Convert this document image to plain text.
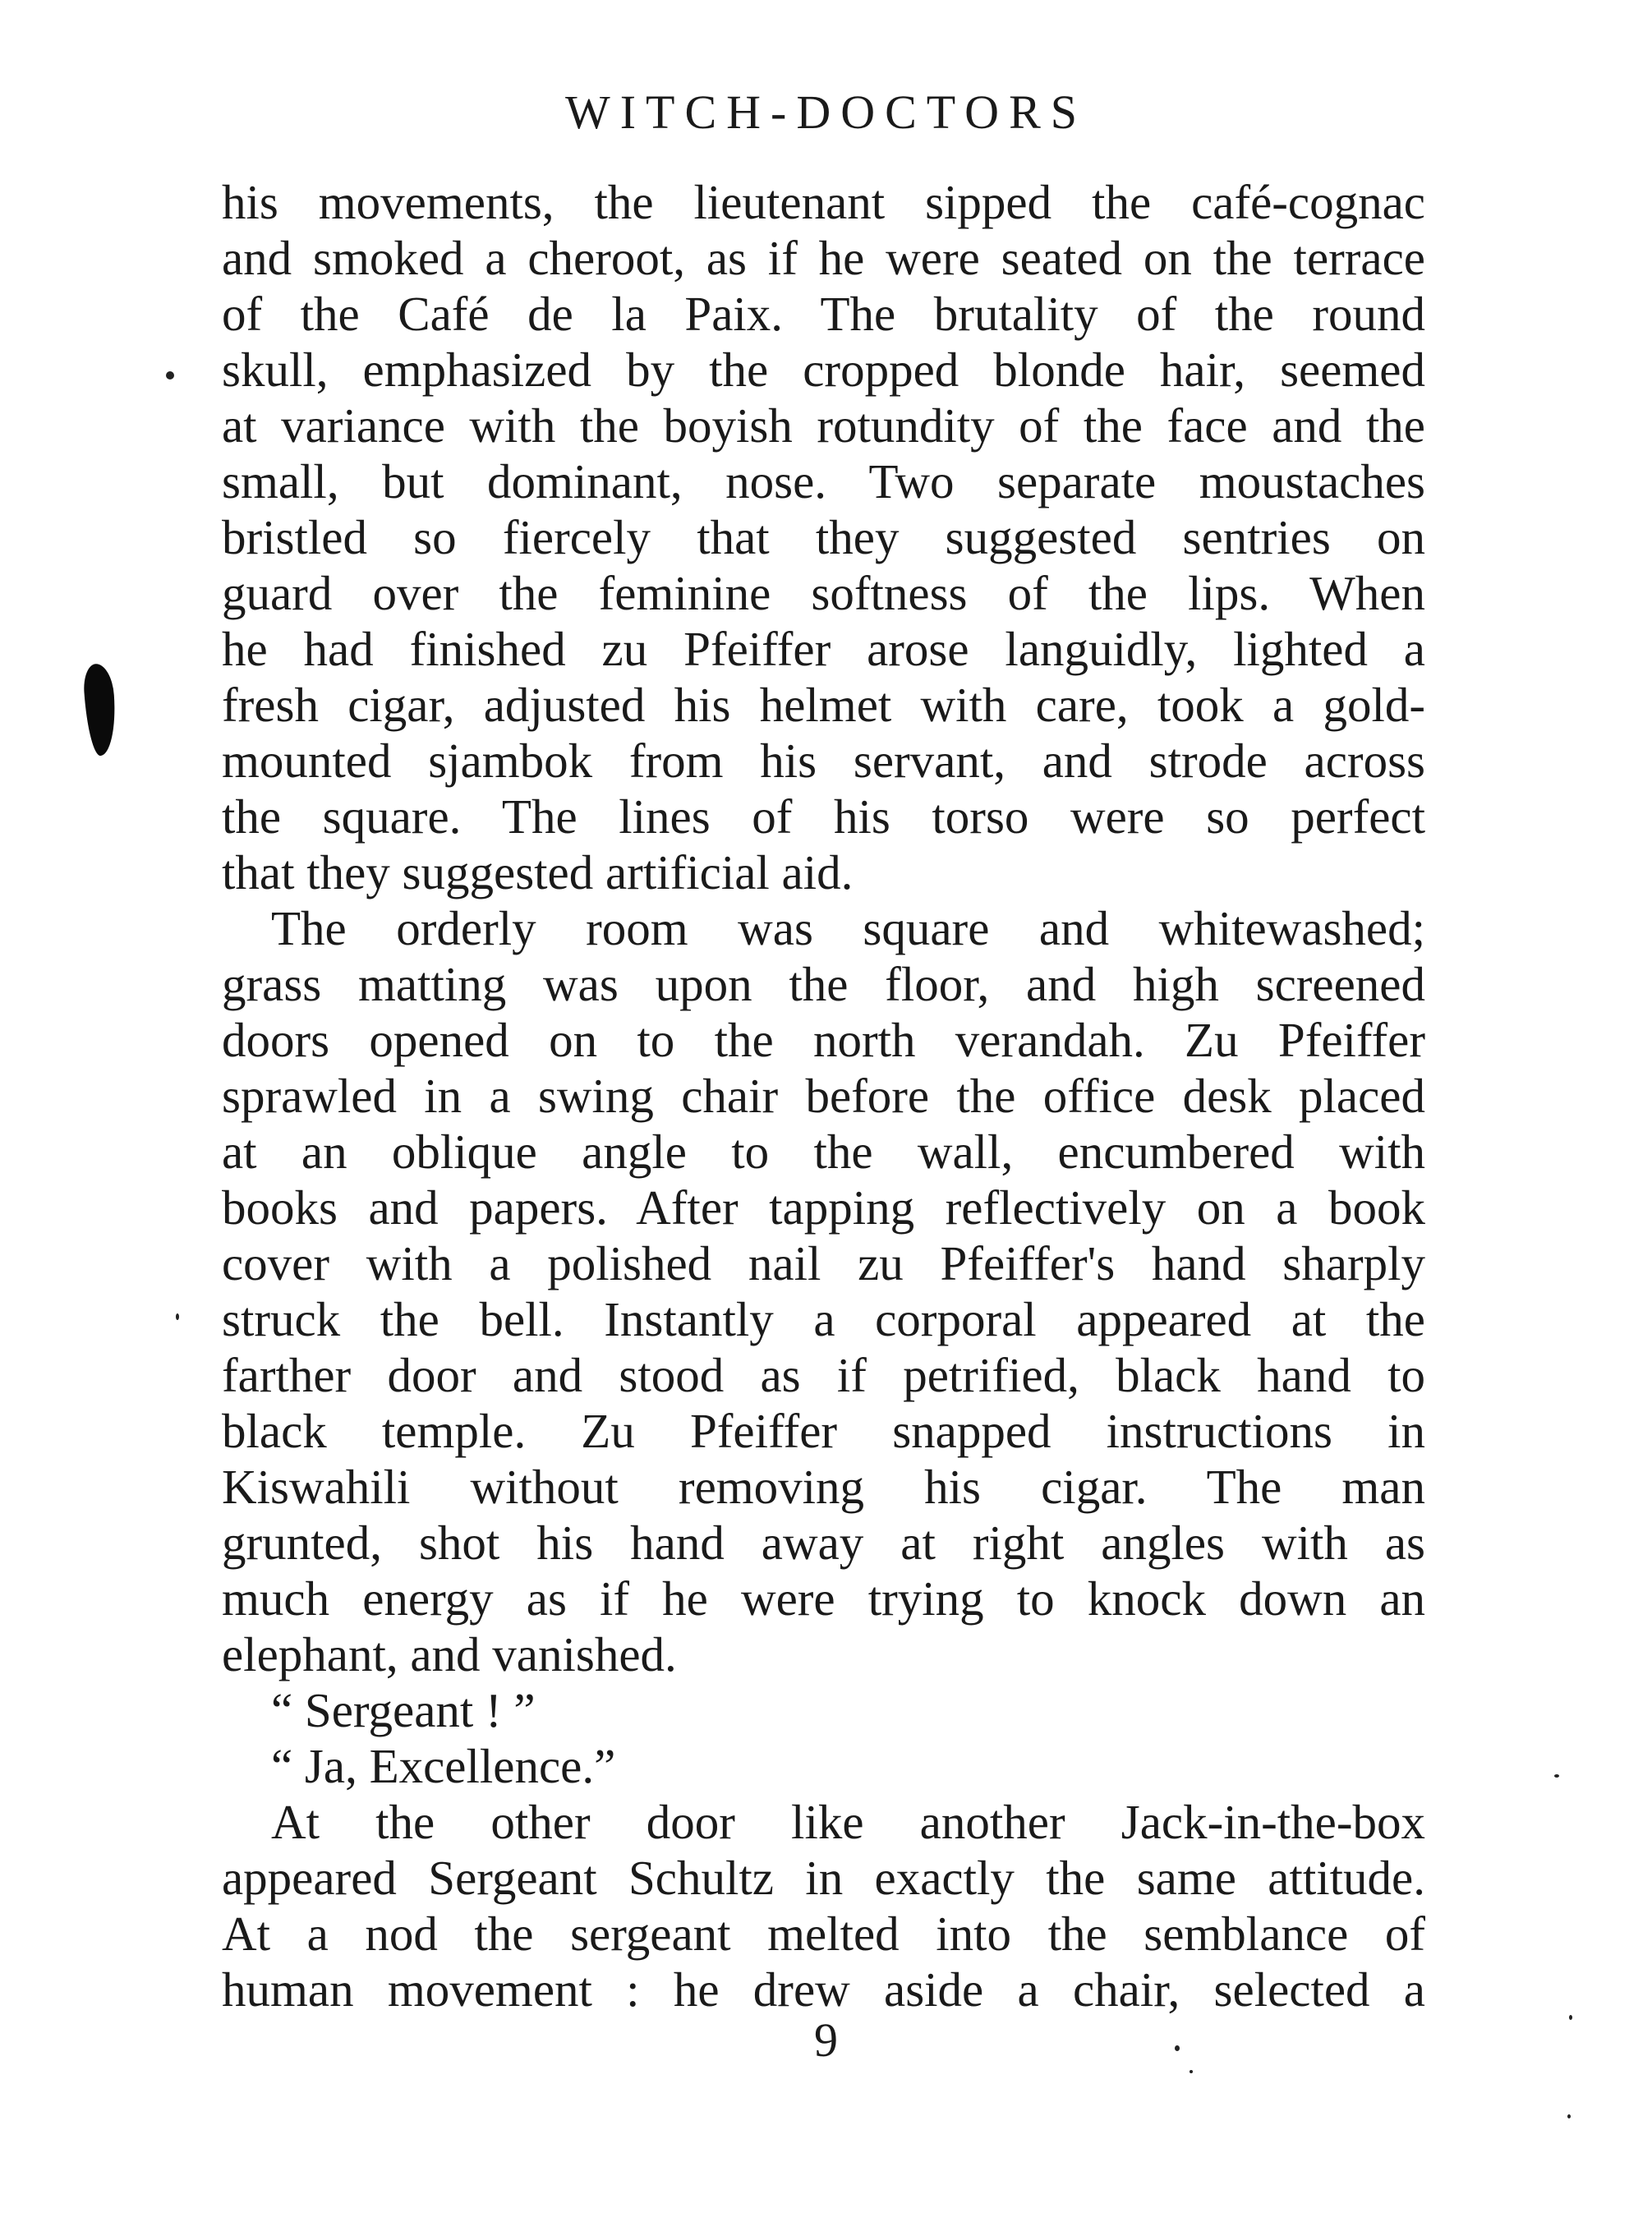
WITCH-DOCTORS
his movements, the lieutenant sipped the café-cognac
and smoked a cheroot, as if he were seated on the terrace
of the Café de la Paix. The brutality of the round
skull, emphasized by the cropped blonde hair, seemed
at variance with the boyish rotundity of the face and the
small, but dominant, nose. Two separate moustaches
bristled so fiercely that they suggested sentries on
guard over the feminine softness of the lips. When
he had finished zu Pfeiffer arose languidly, lighted a
fresh cigar, adjusted his helmet with care, took a gold-
mounted sjambok from his servant, and strode across
the square. The lines of his torso were so perfect
that they suggested artificial aid.
The orderly room was square and whitewashed;
grass matting was upon the floor, and high screened
doors opened on to the north verandah. Zu Pfeiffer
sprawled in a swing chair before the office desk placed
at an oblique angle to the wall, encumbered with
books and papers. After tapping reflectively on a book
cover with a polished nail zu Pfeiffer's hand sharply
struck the bell. Instantly a corporal appeared at the
farther door and stood as if petrified, black hand to
black temple. Zu Pfeiffer snapped instructions in
Kiswahili without removing his cigar. The man
grunted, shot his hand away at right angles with as
much energy as if he were trying to knock down an
elephant, and vanished.
“ Sergeant ! ”
“ Ja, Excellence.”
At the other door like another Jack-in-the-box
appeared Sergeant Schultz in exactly the same attitude.
At a nod the sergeant melted into the semblance of
human movement : he drew aside a chair, selected a
9
